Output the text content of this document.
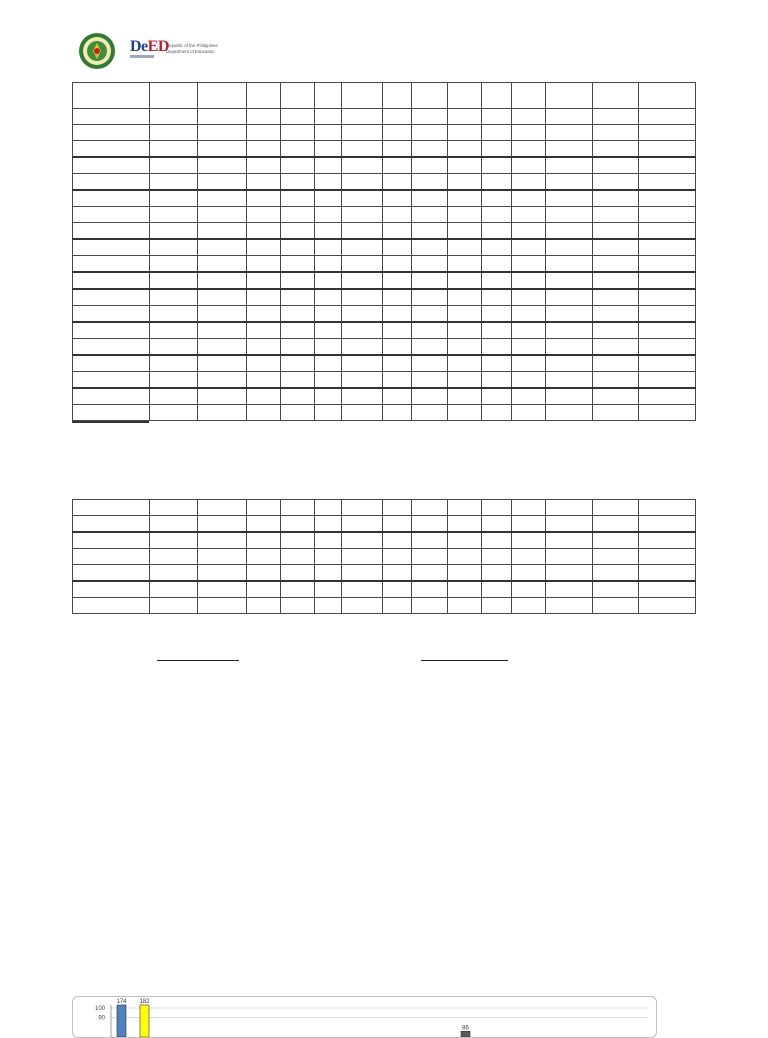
DeED
Republic of the Philippines
Department of Education

100
90
174 182
86
